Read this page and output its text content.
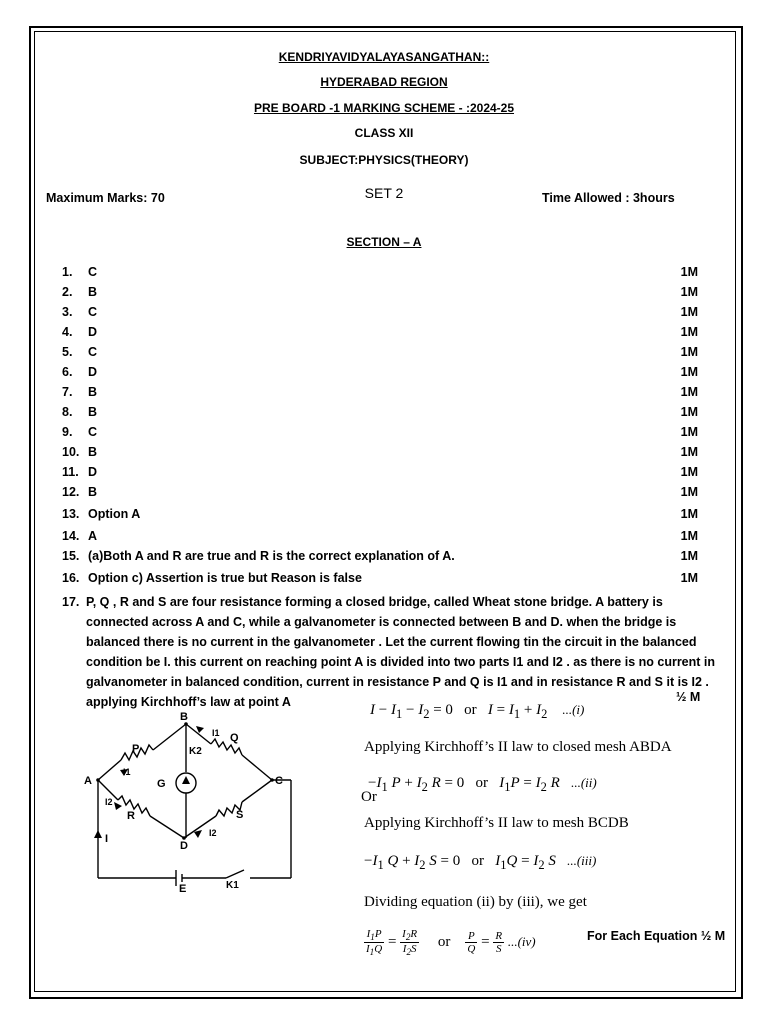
KENDRIYAVIDYALAYASANGATHAN::
HYDERABAD REGION
PRE BOARD -1 MARKING SCHEME - :2024-25
CLASS XII
SUBJECT:PHYSICS(THEORY)
Maximum Marks: 70	SET 2	Time Allowed : 3hours
SECTION – A
1. C	1M
2. B	1M
3. C	1M
4. D	1M
5. C	1M
6. D	1M
7. B	1M
8. B	1M
9. C	1M
10. B	1M
11. D	1M
12. B	1M
13. Option A	1M
14. A	1M
15. (a)Both A and R are true and R is the correct explanation of A.	1M
16. Option c) Assertion is true but Reason is false	1M
17. P, Q , R and S are four resistance forming a closed bridge, called Wheat stone bridge. A battery is connected across A and C, while a galvanometer is connected between B and D. when the bridge is balanced there is no current in the galvanometer . Let the current flowing tin the circuit in the balanced condition be I. this current on reaching point A is divided into two parts I1 and I2 . as there is no current in galvanometer in balanced condition, current in resistance P and Q is I1 and in resistance R and S it is I2 . applying Kirchhoff’s law at point A	½ M
A
B
C
D
E
G
P
Q
R	S
I
I1
I2
I2
I1
K1
K2
$I - I_1 - I_2 = 0$   or $I = I_1 + I_2$ ...(i)
Applying Kirchhoff’s II law to closed mesh ABDA
$-I_1$ $P + I_2$ R = 0   or $I_1P = I_2$ R ...(ii)
Or
Applying Kirchhoff’s II law to mesh BCDB
$-I_1$ $Q + I_2$ S = 0   or $I_1Q = I_2$ S ...(iii)
Dividing equation (ii) by (iii), we get
$\frac{I_1P}{I_1Q} = \frac{I_2R}{I_2S}$ or $\frac{P}{Q} = \frac{R}{S} ...(iv)$	For Each Equation ½ M
